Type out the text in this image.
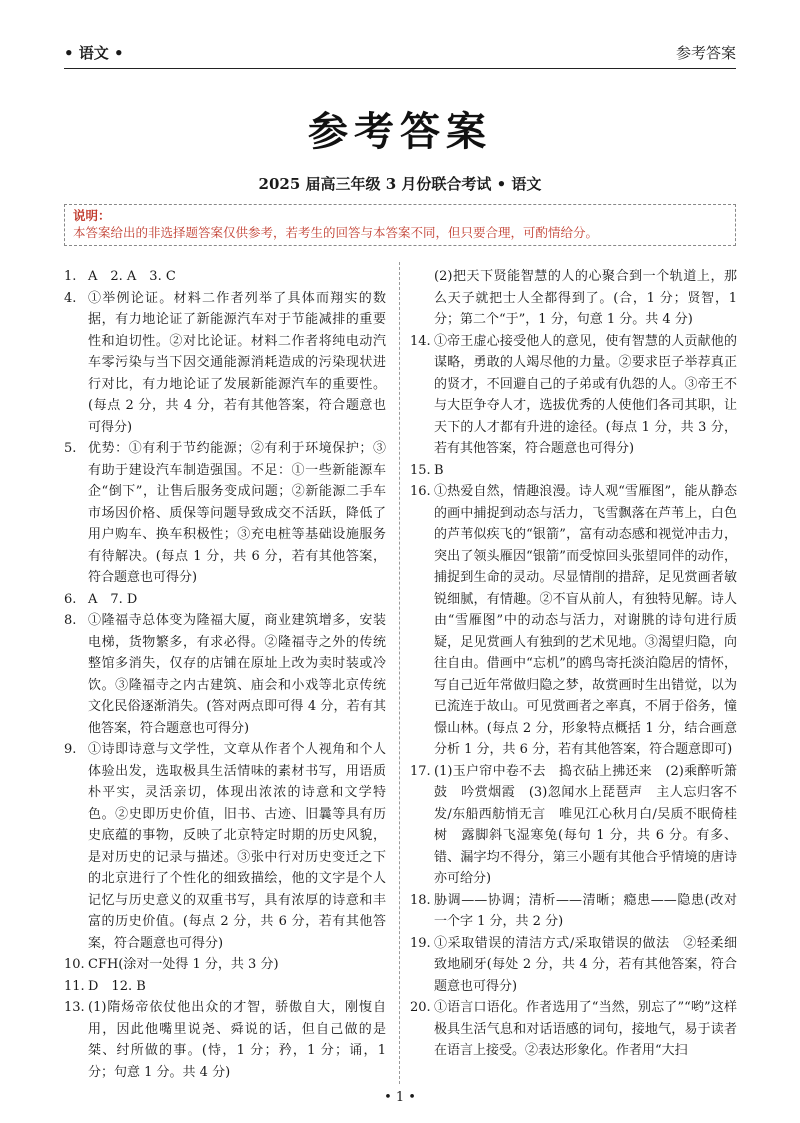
• 语文 •	参考答案
参考答案
2025 届高三年级 3 月份联合考试 • 语文
说明：
本答案给出的非选择题答案仅供参考，若考生的回答与本答案不同，但只要合理，可酌情给分。
1. A　2. A　3. C
4. ①举例论证。材料二作者列举了具体而翔实的数据，有力地论证了新能源汽车对于节能减排的重要性和迫切性。②对比论证。材料二作者将纯电动汽车零污染与当下因交通能源消耗造成的污染现状进行对比，有力地论证了发展新能源汽车的重要性。(每点 2 分，共 4 分，若有其他答案，符合题意也可得分)
5. 优势：①有利于节约能源；②有利于环境保护；③有助于建设汽车制造强国。不足：①一些新能源车企“倒下”，让售后服务变成问题；②新能源二手车市场因价格、质保等问题导致成交不活跃，降低了用户购车、换车积极性；③充电桩等基础设施服务有待解决。(每点 1 分，共 6 分，若有其他答案，符合题意也可得分)
6. A　7. D
8. ①隆福寺总体变为隆福大厦，商业建筑增多，安装电梯，货物繁多，有求必得。②隆福寺之外的传统整馆多消失，仅存的店铺在原址上改为卖时装或冷饮。③隆福寺之内古建筑、庙会和小戏等北京传统文化民俗逐渐消失。(答对两点即可得 4 分，若有其他答案，符合题意也可得分)
9. ①诗即诗意与文学性，文章从作者个人视角和个人体验出发，选取极具生活情味的素材书写，用语质朴平实，灵活亲切，体现出浓浓的诗意和文学特色。②史即历史价值，旧书、古迹、旧曩等具有历史底蕴的事物，反映了北京特定时期的历史风貌，是对历史的记录与描述。③张中行对历史变迁之下的北京进行了个性化的细致描绘，他的文字是个人记忆与历史意义的双重书写，具有浓厚的诗意和丰富的历史价值。(每点 2 分，共 6 分，若有其他答案，符合题意也可得分)
10. CFH(涂对一处得 1 分，共 3 分)
11. D　12. B
13. (1)隋炀帝依仗他出众的才智，骄傲自大，刚愎自用，因此他嘴里说尧、舜说的话，但自己做的是桀、纣所做的事。(恃，1 分；矜，1 分；诵，1 分；句意 1 分。共 4 分)
(2)把天下贤能智慧的人的心聚合到一个轨道上，那么天子就把士人全都得到了。(合，1 分；贤智，1 分；第二个“于”，1 分，句意 1 分。共 4 分)
14. ①帝王虚心接受他人的意见，使有智慧的人贡献他的谋略，勇敢的人竭尽他的力量。②要求臣子举荐真正的贤才，不回避自己的子弟或有仇怨的人。③帝王不与大臣争夺人才，选拔优秀的人使他们各司其职，让天下的人才都有升进的途径。(每点 1 分，共 3 分，若有其他答案，符合题意也可得分)
15. B
16. ①热爱自然，情趣浪漫。诗人观“雪雁图”，能从静态的画中捕捉到动态与活力，飞雪飘落在芦苇上，白色的芦苇似疾飞的“银箭”，富有动态感和视觉冲击力，突出了领头雁因“银箭”而受惊回头张望同伴的动作，捕捉到生命的灵动。尽显情削的措辞，足见赏画者敏锐细腻，有情趣。②不盲从前人，有独特见解。诗人由“雪雁图”中的动态与活力，对谢朓的诗句进行质疑，足见赏画人有独到的艺术见地。③渴望归隐，向往自由。借画中“忘机”的鸥鸟寄托淡泊隐居的情怀，写自己近年常做归隐之梦，故赏画时生出错觉，以为已流连于故山。可见赏画者之率真，不屑于俗务，憧憬山林。(每点 2 分，形象特点概括 1 分，结合画意分析 1 分，共 6 分，若有其他答案，符合题意即可)
17. (1)玉户帘中卷不去　捣衣砧上拂还来　(2)乘醉听箫鼓　吟赏烟霞　(3)忽闻水上琵琶声　主人忘归客不发/东船西舫悄无言　唯见江心秋月白/吴质不眠倚桂树　露脚斜飞湿寒兔(每句 1 分，共 6 分。有多、错、漏字均不得分，第三小题有其他合乎情境的唐诗亦可给分)
18. 胁调——协调；清析——清晰；瘾患——隐患(改对一个字 1 分，共 2 分)
19. ①采取错误的清洁方式/采取错误的做法　②轻柔细致地刷牙(每处 2 分，共 4 分，若有其他答案，符合题意也可得分)
20. ①语言口语化。作者选用了“当然，别忘了”“哟”这样极具生活气息和对话语感的词句，接地气，易于读者在语言上接受。②表达形象化。作者用“大扫
• 1 •
